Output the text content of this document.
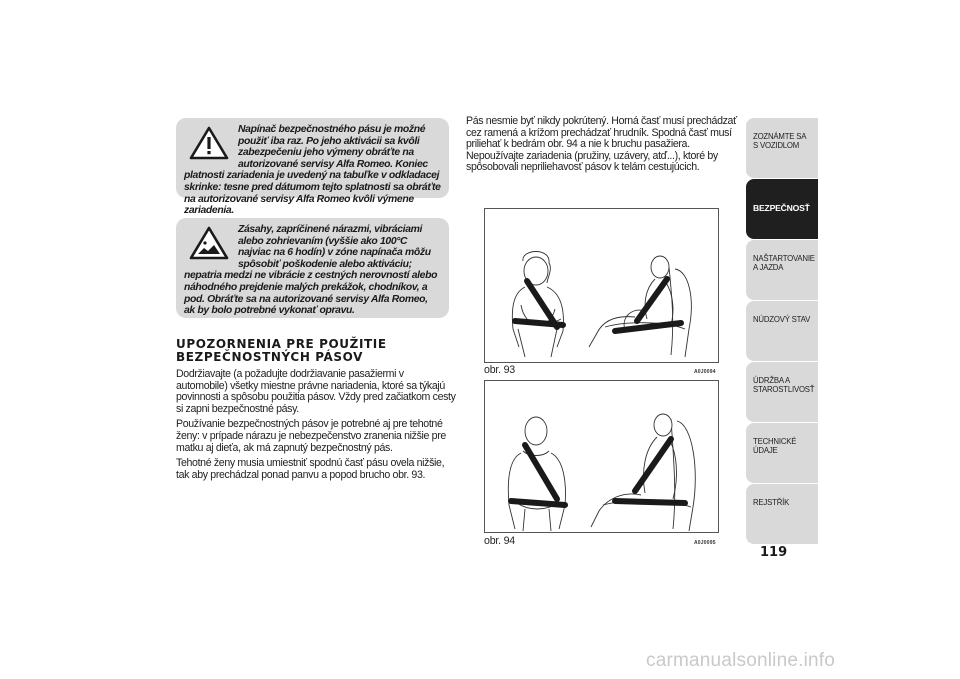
Napínač bezpečnostného pásu je možné použiť iba raz. Po jeho aktivácii sa kvôli zabezpečeniu jeho výmeny obráťte na autorizované servisy Alfa Romeo. Koniec platnosti zariadenia je uvedený na tabuľke v odkladacej skrinke: tesne pred dátumom tejto splatnosti sa obráťte na autorizované servisy Alfa Romeo kvôli výmene zariadenia.

Zásahy, zapríčinené nárazmi, vibráciami alebo zohrievaním (vyššie ako 100°C najviac na 6 hodín) v zóne napínača môžu spôsobiť poškodenie alebo aktiváciu; nepatria medzi ne vibrácie z cestných nerovností alebo náhodného prejdenie malých prekážok, chodníkov, a pod. Obráťte sa na autorizované servisy Alfa Romeo, ak by bolo potrebné vykonať opravu.

UPOZORNENIA PRE POUŽITIE
BEZPEČNOSTNÝCH PÁSOV

Dodržiavajte (a požadujte dodržiavanie pasažiermi v automobile) všetky miestne právne nariadenia, ktoré sa týkajú povinnosti a spôsobu použitia pásov. Vždy pred začiatkom cesty si zapni bezpečnostné pásy.

Používanie bezpečnostných pásov je potrebné aj pre tehotné ženy: v prípade nárazu je nebezpečenstvo zranenia nižšie pre matku aj dieťa, ak má zapnutý bezpečnostný pás.

Tehotné ženy musia umiestniť spodnú časť pásu ovela nižšie, tak aby prechádzal ponad panvu a popod brucho obr. 93.

Pás nesmie byť nikdy pokrútený. Horná časť musí prechádzať cez ramená a krížom prechádzať hrudník. Spodná časť musí priliehať k bedrám obr. 94 a nie k bruchu pasažiera. Nepoužívajte zariadenia (pružiny, uzávery, atď...), ktoré by spôsobovali nepriliehavosť pásov k telám cestujúcich.

obr. 93	A0J0094
obr. 94	A0J0095
ZOZNÁMTE SA S VOZIDLOM
BEZPEČNOSŤ
NAŠTARTOVANIE A JAZDA
NÚDZOVÝ STAV
ÚDRŽBA A STAROSTLIVOSŤ
TECHNICKÉ ÚDAJE
REJSTŘÍK
119
carmanualsonline.info
